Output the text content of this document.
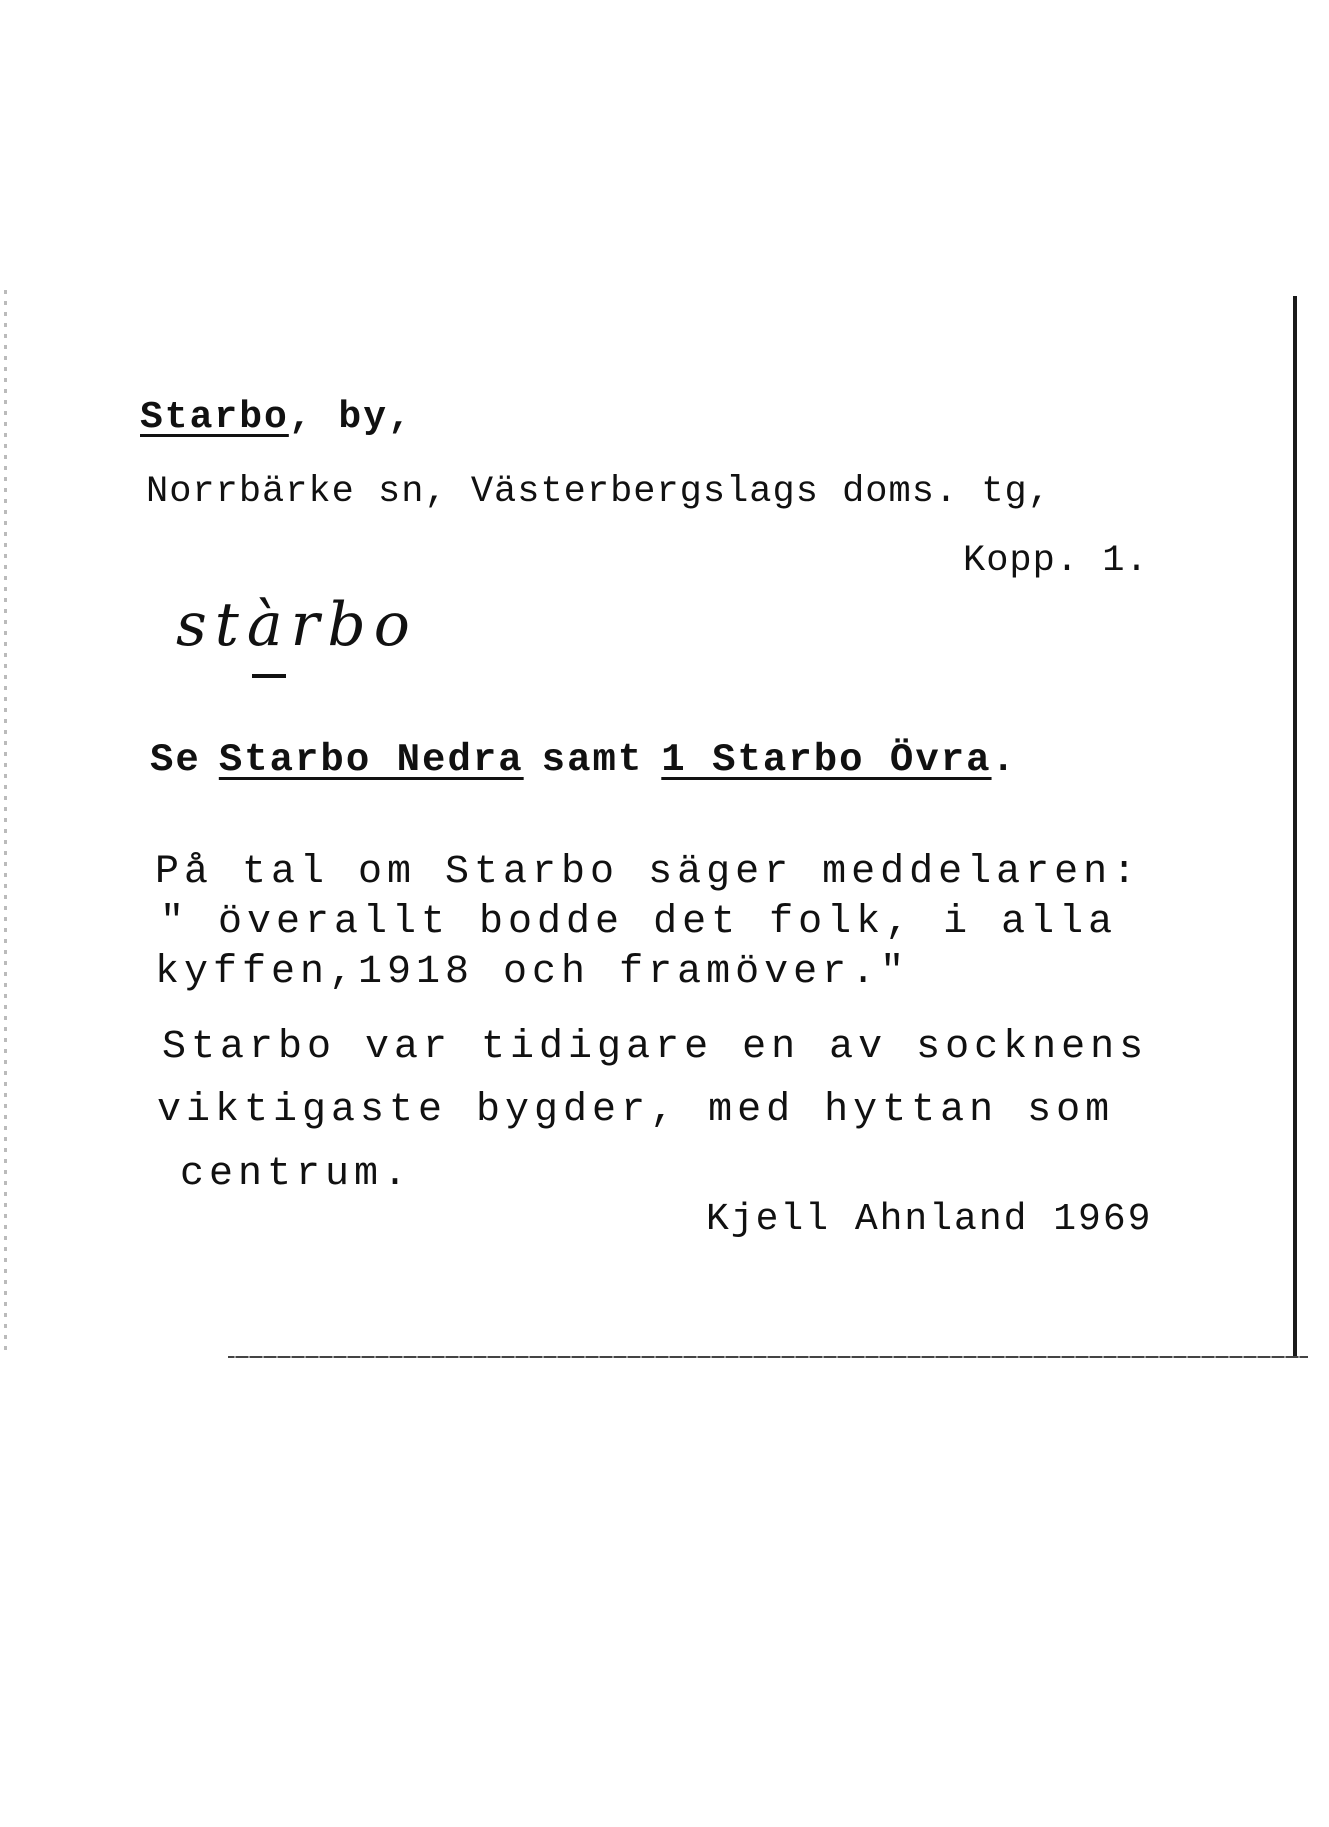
Starbo, by,
Norrbärke sn, Västerbergslags doms. tg,
Kopp. 1.
stàrbo
Se Starbo Nedra samt 1 Starbo Övra.
På tal om Starbo säger meddelaren:
" överallt bodde det folk, i alla
kyffen,1918 och framöver."
Starbo var tidigare en av socknens
viktigaste bygder, med hyttan som
centrum.
Kjell Ahnland 1969
